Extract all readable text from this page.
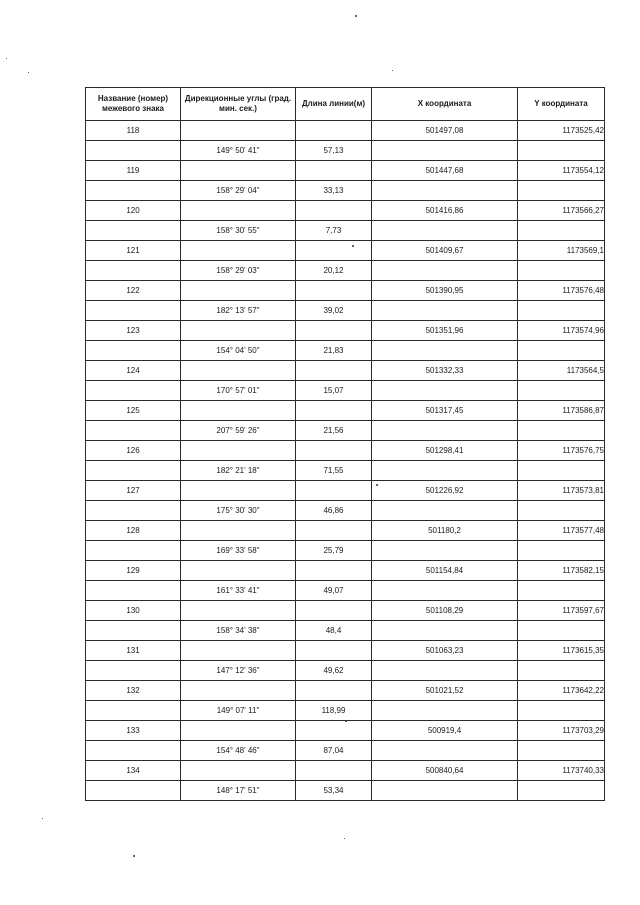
Название (номер) межевого знака	Дирекционные углы (град. мин. сек.)	Длина линии(м)	X координата	Y координата
118			501497,08	1173525,42
	149° 50' 41"	57,13		
119			501447,68	1173554,12
	158° 29' 04"	33,13		
120			501416,86	1173566,27
	158° 30' 55"	7,73		
121			501409,67	1173569,1
	158° 29' 03"	20,12		
122			501390,95	1173576,48
	182° 13' 57"	39,02		
123			501351,96	1173574,96
	154° 04' 50"	21,83		
124			501332,33	1173564,5
	170° 57' 01"	15,07		
125			501317,45	1173586,87
	207° 59' 26"	21,56		
126			501298,41	1173576,75
	182° 21' 18"	71,55		
127			501226,92	1173573,81
	175° 30' 30"	46,86		
128			501180,2	1173577,48
	169° 33' 58"	25,79		
129			501154,84	1173582,15
	161° 33' 41"	49,07		
130			501108,29	1173597,67
	158° 34' 38"	48,4		
131			501063,23	1173615,35
	147° 12' 36"	49,62		
132			501021,52	1173642,22
	149° 07' 11"	118,99		
133			500919,4	1173703,29
	154° 48' 46"	87,04		
134			500840,64	1173740,33
	148° 17' 51"	53,34		
